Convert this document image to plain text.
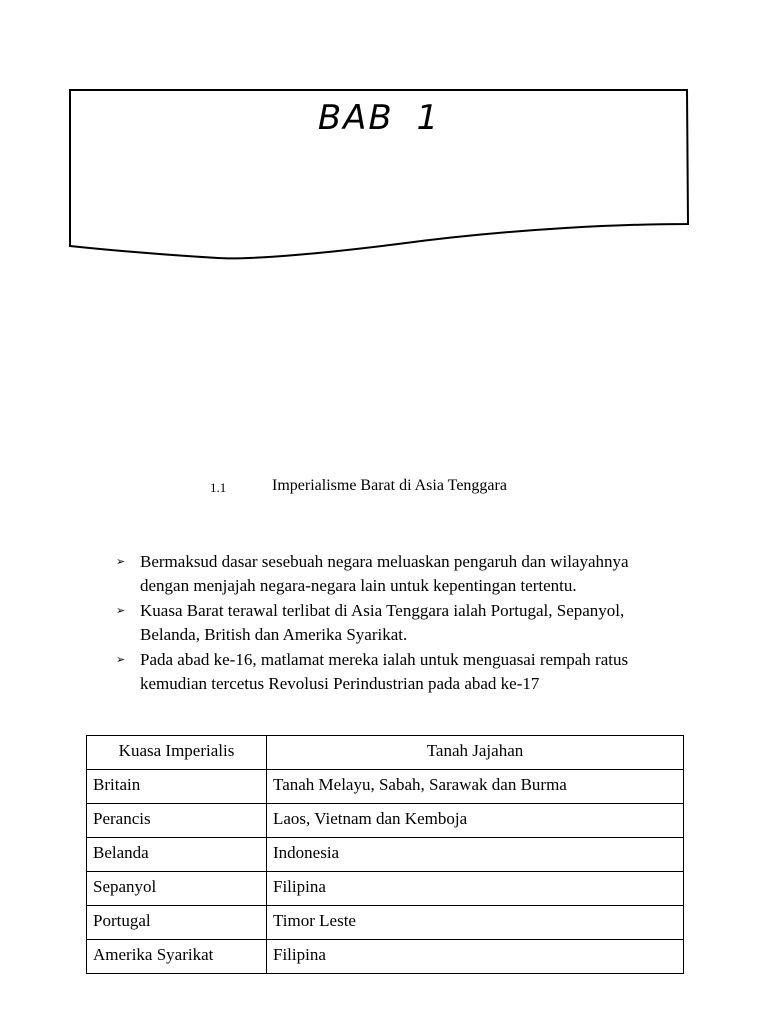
BAB 1
1.1	Imperialisme Barat di Asia Tenggara
➢ Bermaksud dasar sesebuah negara meluaskan pengaruh dan wilayahnya dengan menjajah negara-negara lain untuk kepentingan tertentu.
➢ Kuasa Barat terawal terlibat di Asia Tenggara ialah Portugal, Sepanyol, Belanda, British dan Amerika Syarikat.
➢ Pada abad ke-16, matlamat mereka ialah untuk menguasai rempah ratus kemudian tercetus Revolusi Perindustrian pada abad ke-17
Kuasa Imperialis	Tanah Jajahan
Britain	Tanah Melayu, Sabah, Sarawak dan Burma
Perancis	Laos, Vietnam dan Kemboja
Belanda	Indonesia
Sepanyol	Filipina
Portugal	Timor Leste
Amerika Syarikat	Filipina
